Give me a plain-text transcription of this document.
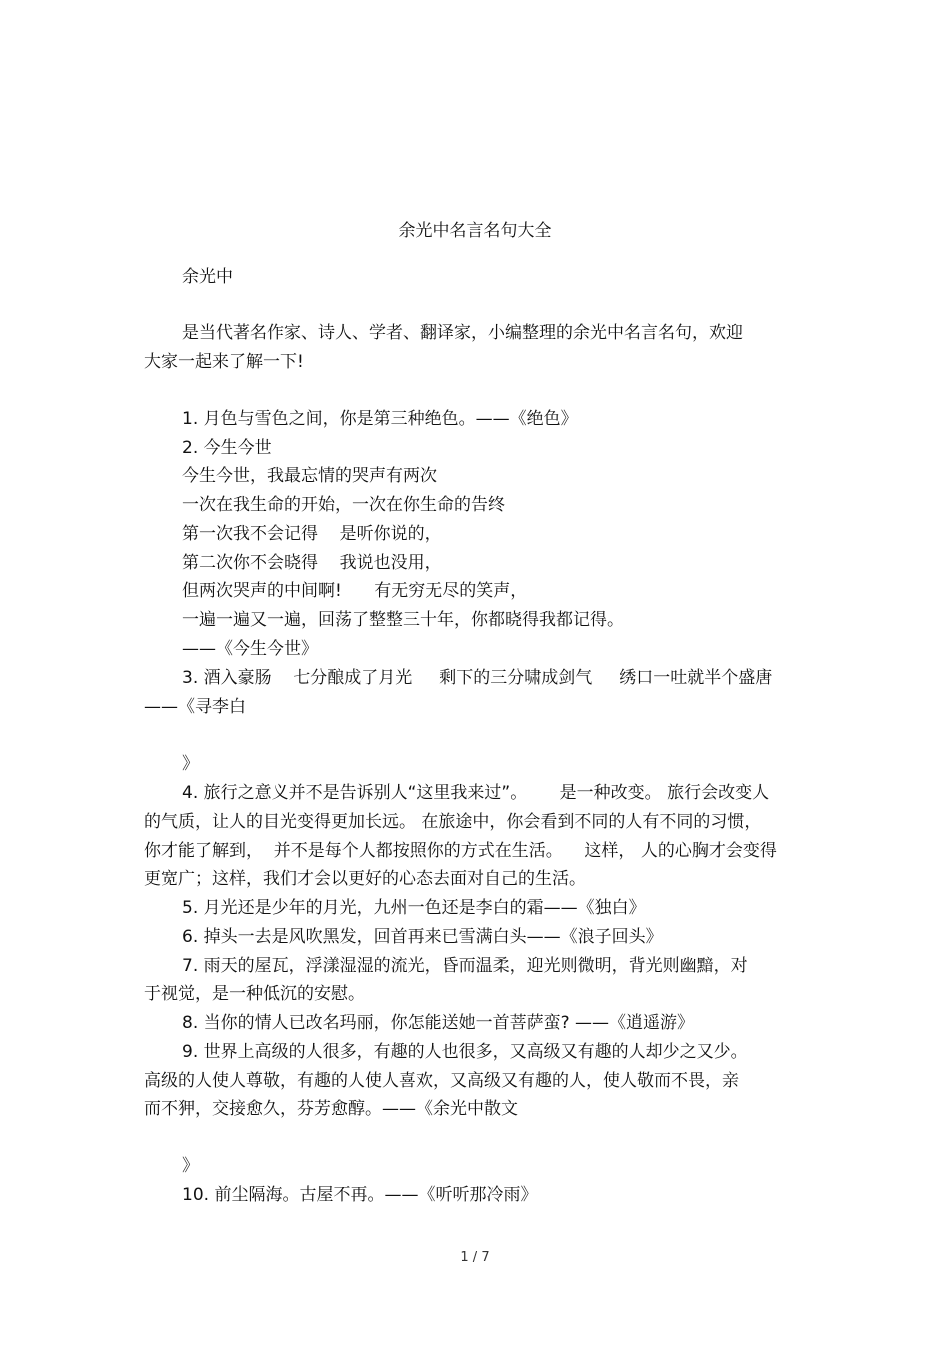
余光中名言名句大全
余光中
是当代著名作家、诗人、学者、翻译家，小编整理的余光中名言名句，欢迎
大家一起来了解一下!
1. 月色与雪色之间，你是第三种绝色。——《绝色》
2. 今生今世
今生今世，我最忘情的哭声有两次
一次在我生命的开始，一次在你生命的告终
第一次我不会记得    是听你说的，
第二次你不会晓得    我说也没用，
但两次哭声的中间啊!      有无穷无尽的笑声，
一遍一遍又一遍，回荡了整整三十年，你都晓得我都记得。
——《今生今世》
3. 酒入豪肠    七分酿成了月光     剩下的三分啸成剑气     绣口一吐就半个盛唐
——《寻李白
》
4. 旅行之意义并不是告诉别人“这里我来过”。      是一种改变。 旅行会改变人
的气质，让人的目光变得更加长远。 在旅途中，你会看到不同的人有不同的习惯，
你才能了解到，  并不是每个人都按照你的方式在生活。    这样， 人的心胸才会变得
更宽广；这样，我们才会以更好的心态去面对自己的生活。
5. 月光还是少年的月光，九州一色还是李白的霜——《独白》
6. 掉头一去是风吹黑发，回首再来已雪满白头——《浪子回头》
7. 雨天的屋瓦，浮漾湿湿的流光，昏而温柔，迎光则微明，背光则幽黯，对
于视觉，是一种低沉的安慰。
8. 当你的情人已改名玛丽，你怎能送她一首菩萨蛮? ——《逍遥游》
9. 世界上高级的人很多，有趣的人也很多，又高级又有趣的人却少之又少。
高级的人使人尊敬，有趣的人使人喜欢，又高级又有趣的人，使人敬而不畏，亲
而不狎，交接愈久，芬芳愈醇。——《余光中散文
》
10. 前尘隔海。古屋不再。——《听听那冷雨》
1 / 7
